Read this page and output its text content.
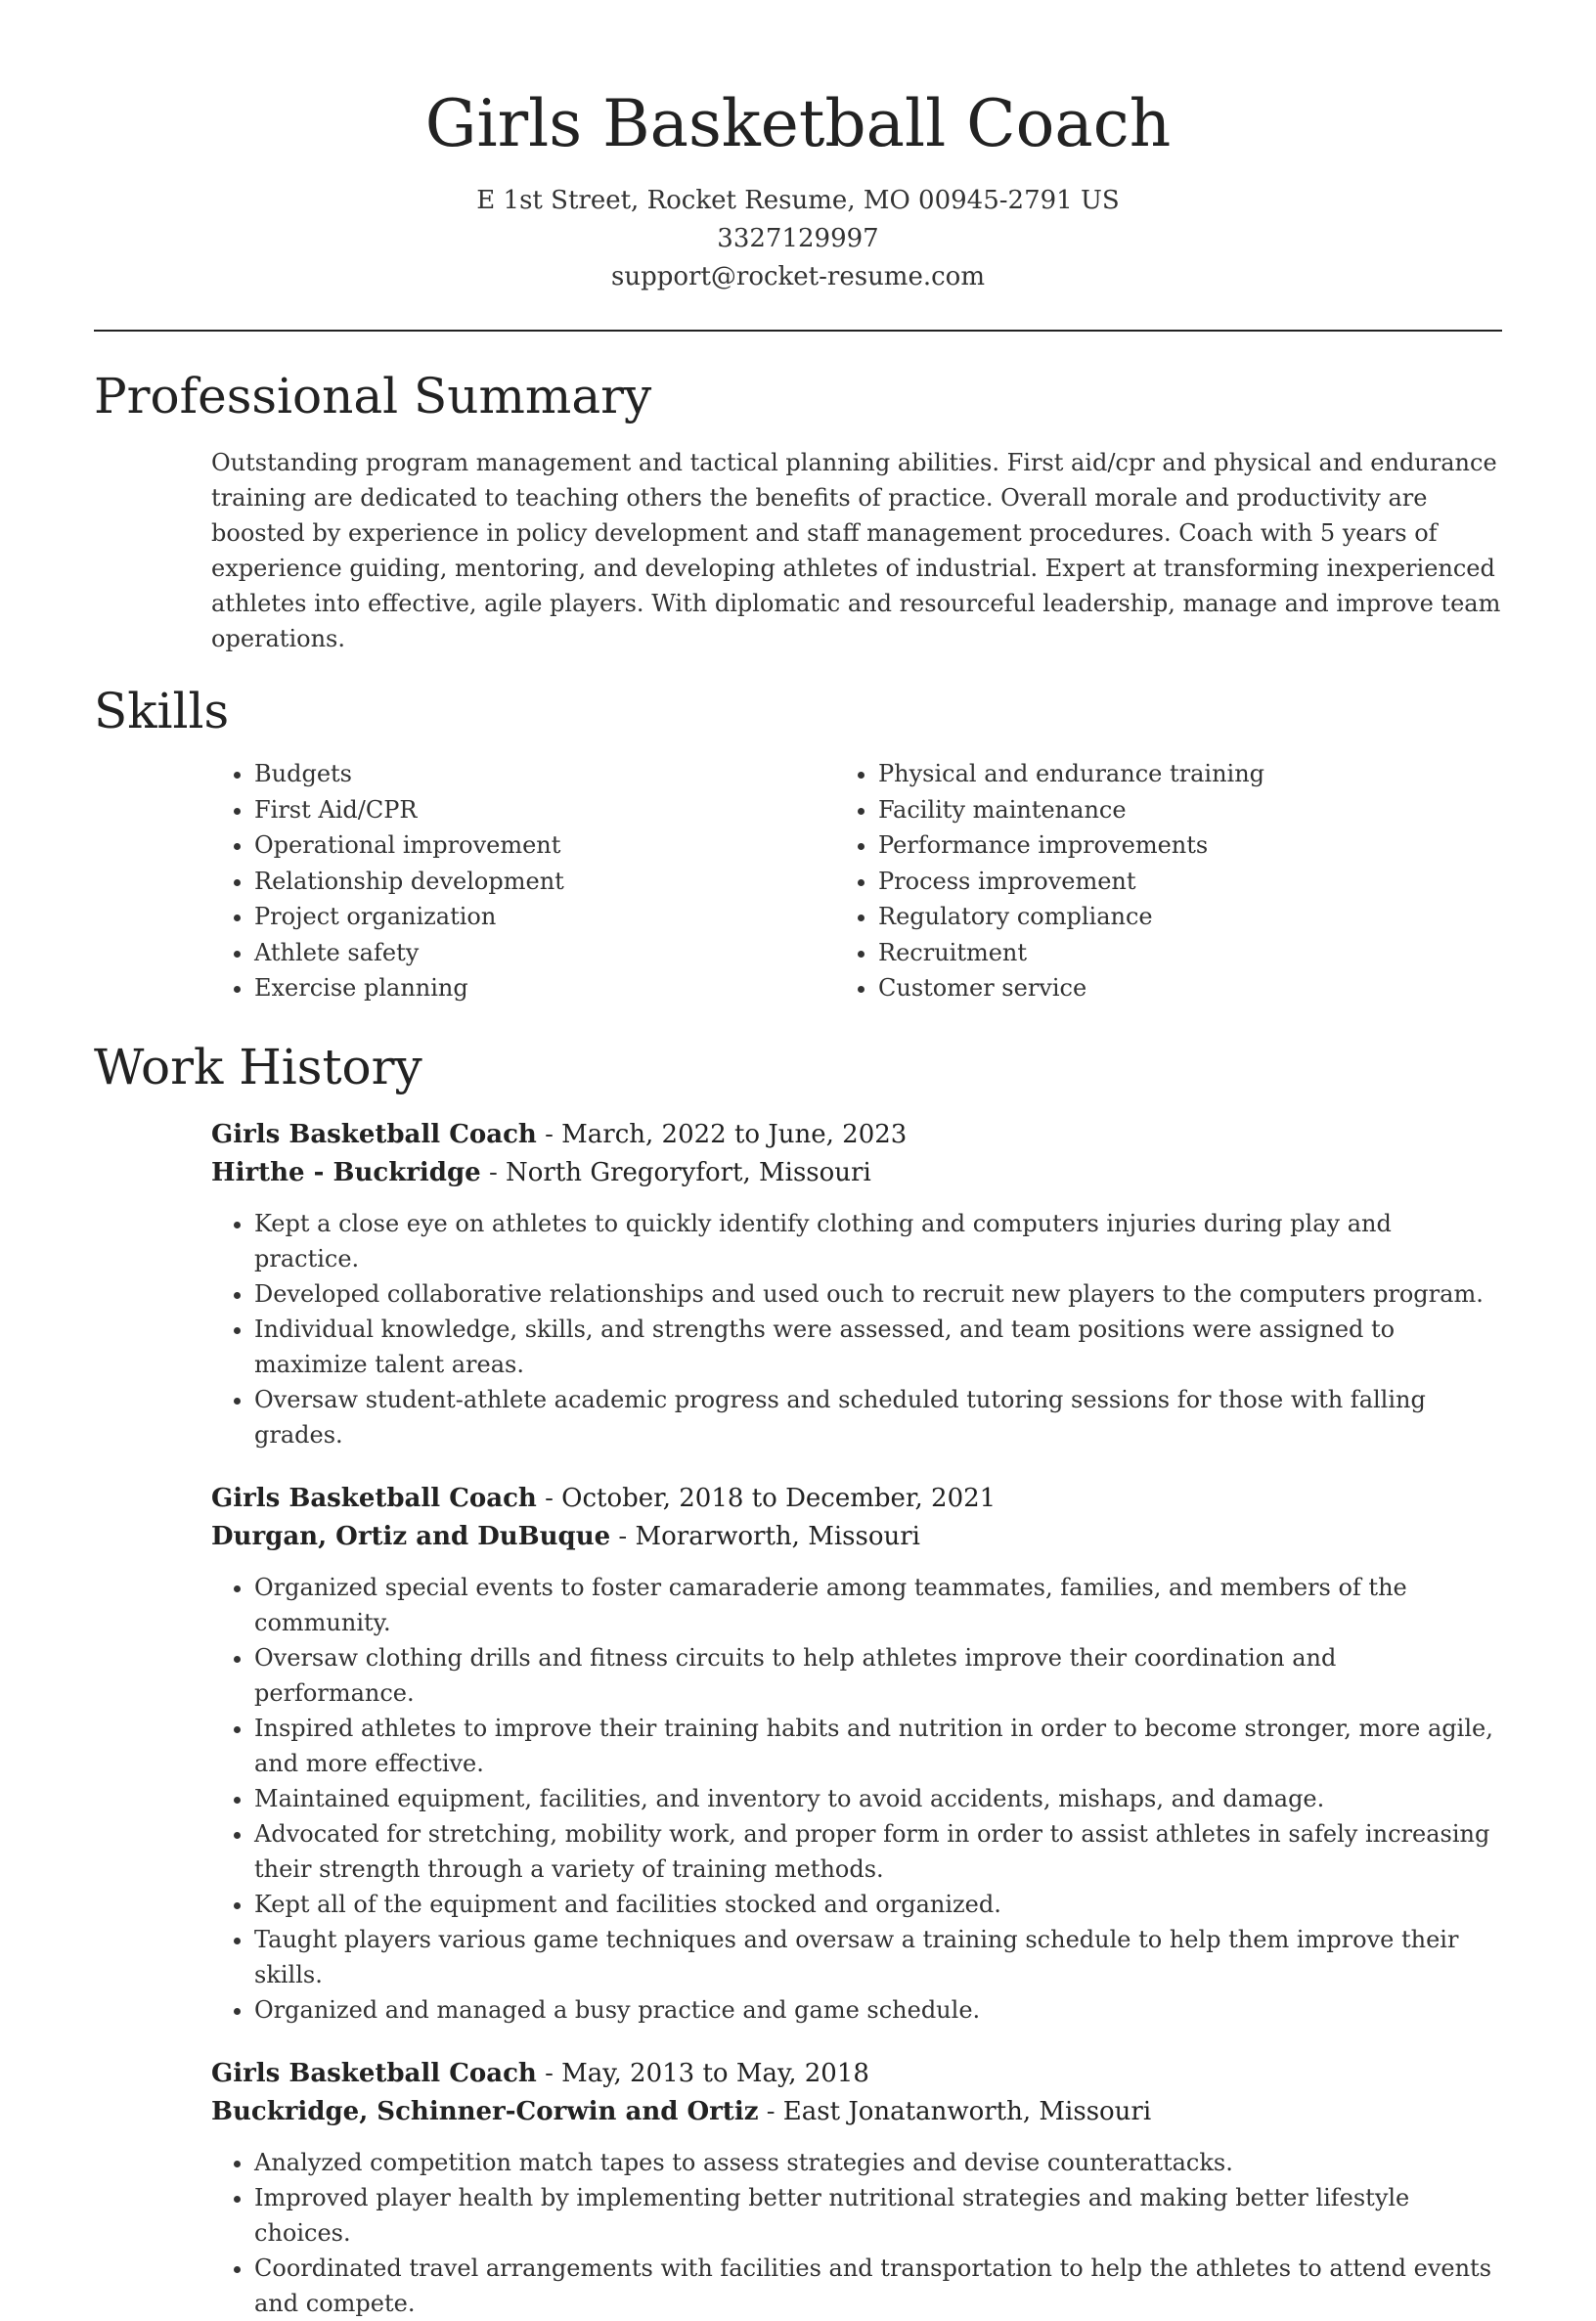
Girls Basketball Coach
E 1st Street, Rocket Resume, MO 00945-2791 US
3327129997
support@rocket-resume.com
Professional Summary

Outstanding program management and tactical planning abilities. First aid/cpr and physical and endurance training are dedicated to teaching others the benefits of practice. Overall morale and productivity are boosted by experience in policy development and staff management procedures. Coach with 5 years of experience guiding, mentoring, and developing athletes of industrial. Expert at transforming inexperienced athletes into effective, agile players. With diplomatic and resourceful leadership, manage and improve team operations.

Skills
• Budgets
• First Aid/CPR
• Operational improvement
• Relationship development
• Project organization
• Athlete safety
• Exercise planning
• Physical and endurance training
• Facility maintenance
• Performance improvements
• Process improvement
• Regulatory compliance
• Recruitment
• Customer service
Work History
Girls Basketball Coach - March, 2022 to June, 2023
Hirthe - Buckridge - North Gregoryfort, Missouri
• Kept a close eye on athletes to quickly identify clothing and computers injuries during play and practice.
• Developed collaborative relationships and used ouch to recruit new players to the computers program.
• Individual knowledge, skills, and strengths were assessed, and team positions were assigned to maximize talent areas.
• Oversaw student-athlete academic progress and scheduled tutoring sessions for those with falling grades.
Girls Basketball Coach - October, 2018 to December, 2021
Durgan, Ortiz and DuBuque - Morarworth, Missouri
• Organized special events to foster camaraderie among teammates, families, and members of the community.
• Oversaw clothing drills and fitness circuits to help athletes improve their coordination and performance.
• Inspired athletes to improve their training habits and nutrition in order to become stronger, more agile, and more effective.
• Maintained equipment, facilities, and inventory to avoid accidents, mishaps, and damage.
• Advocated for stretching, mobility work, and proper form in order to assist athletes in safely increasing their strength through a variety of training methods.
• Kept all of the equipment and facilities stocked and organized.
• Taught players various game techniques and oversaw a training schedule to help them improve their skills.
• Organized and managed a busy practice and game schedule.
Girls Basketball Coach - May, 2013 to May, 2018
Buckridge, Schinner-Corwin and Ortiz - East Jonatanworth, Missouri
• Analyzed competition match tapes to assess strategies and devise counterattacks.
• Improved player health by implementing better nutritional strategies and making better lifestyle choices.
• Coordinated travel arrangements with facilities and transportation to help the athletes to attend events and compete.
